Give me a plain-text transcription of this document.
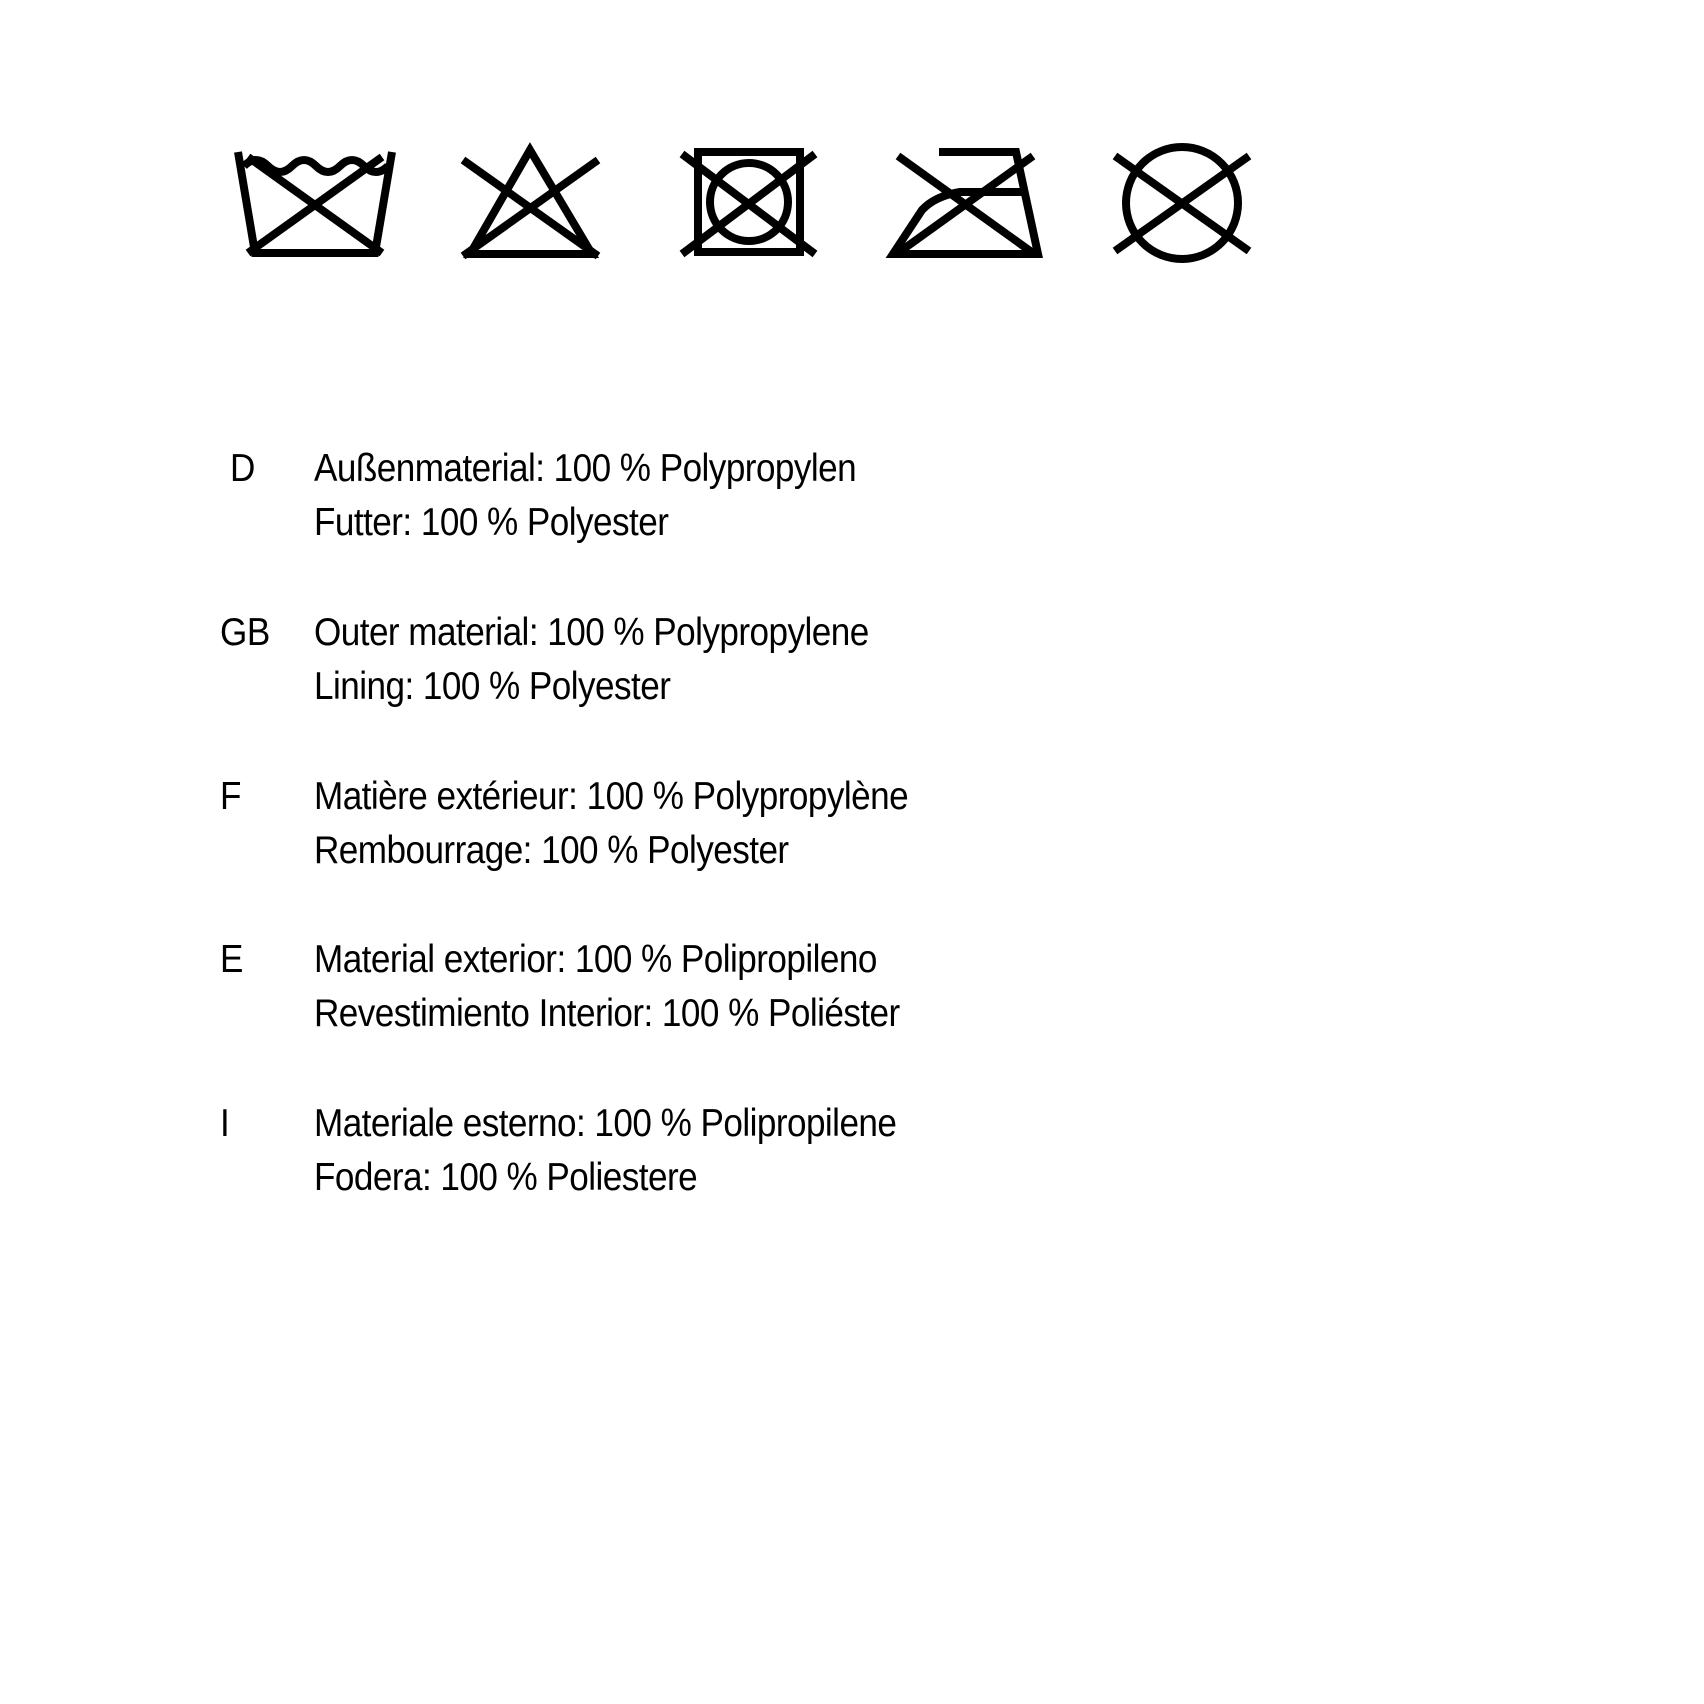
D Außenmaterial: 100 % Polypropylen
Futter: 100 % Polyester
GB Outer material: 100 % Polypropylene
Lining: 100 % Polyester
F Matière extérieur: 100 % Polypropylène
Rembourrage: 100 % Polyester
E Material exterior: 100 % Polipropileno
Revestimiento Interior: 100 % Poliéster
I Materiale esterno: 100 % Polipropilene
Fodera: 100 % Poliestere
